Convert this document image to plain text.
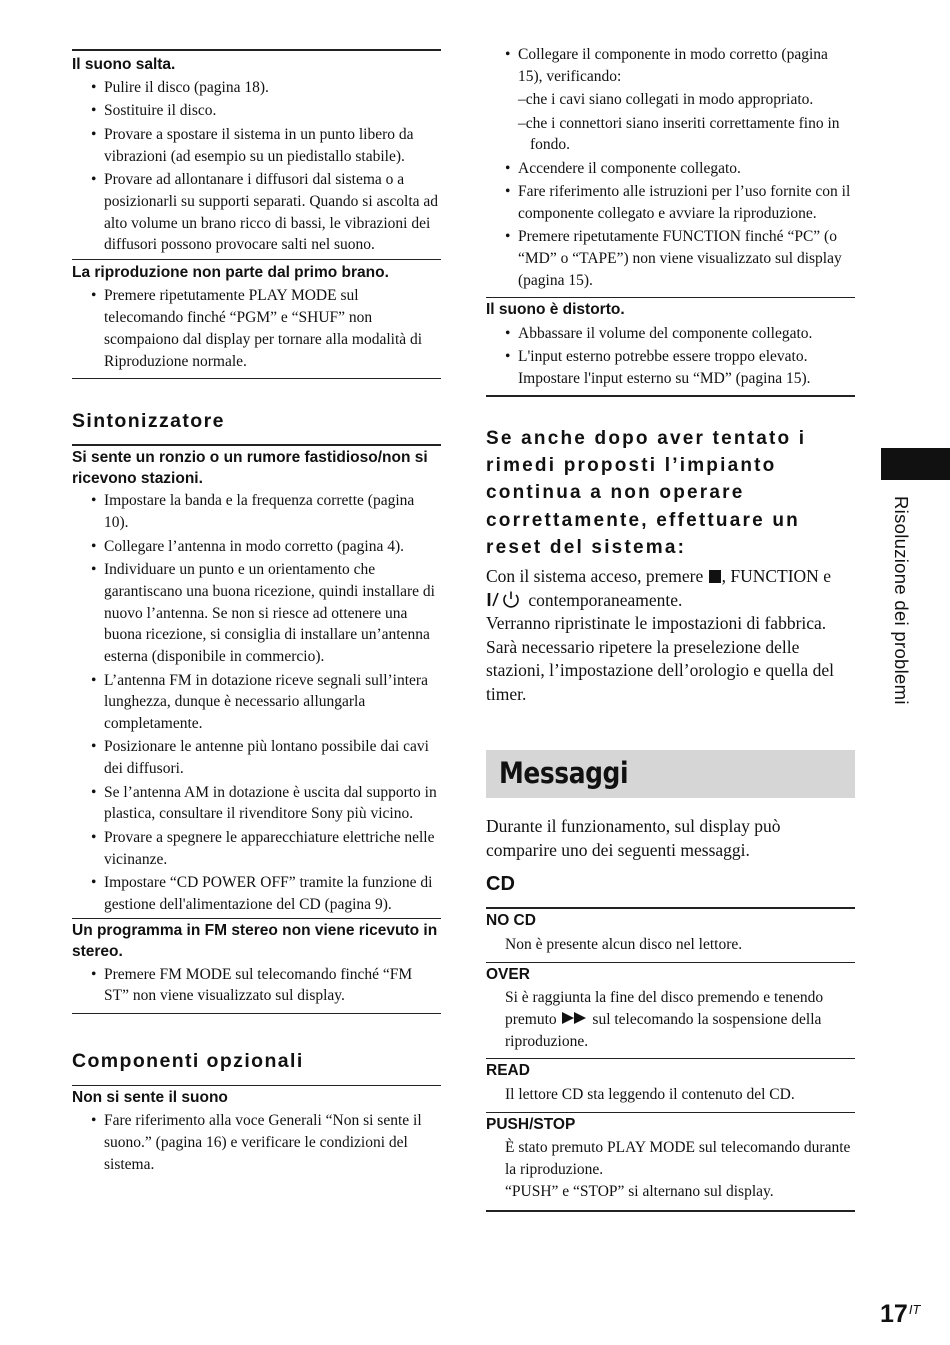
Il suono salta.
• Pulire il disco (pagina 18).
• Sostituire il disco.
• Provare a spostare il sistema in un punto libero da vibrazioni (ad esempio su un piedistallo stabile).
• Provare ad allontanare i diffusori dal sistema o a posizionarli su supporti separati. Quando si ascolta ad alto volume un brano ricco di bassi, le vibrazioni dei diffusori possono provocare salti nel suono.
La riproduzione non parte dal primo brano.
• Premere ripetutamente PLAY MODE sul telecomando finché “PGM” e “SHUF” non scompaiono dal display per tornare alla modalità di Riproduzione normale.
Sintonizzatore
Si sente un ronzio o un rumore fastidioso/non si ricevono stazioni.
• Impostare la banda e la frequenza corrette (pagina 10).
• Collegare l’antenna in modo corretto (pagina 4).
• Individuare un punto e un orientamento che garantiscano una buona ricezione, quindi installare di nuovo l’antenna. Se non si riesce ad ottenere una buona ricezione, si consiglia di installare un’antenna esterna (disponibile in commercio).
• L’antenna FM in dotazione riceve segnali sull’intera lunghezza, dunque è necessario allungarla completamente.
• Posizionare le antenne più lontano possibile dai cavi dei diffusori.
• Se l’antenna AM in dotazione è uscita dal supporto in plastica, consultare il rivenditore Sony più vicino.
• Provare a spegnere le apparecchiature elettriche nelle vicinanze.
• Impostare “CD POWER OFF” tramite la funzione di gestione dell'alimentazione del CD (pagina 9).
Un programma in FM stereo non viene ricevuto in stereo.
• Premere FM MODE sul telecomando finché “FM ST” non viene visualizzato sul display.
Componenti opzionali
Non si sente il suono
• Fare riferimento alla voce Generali “Non si sente il suono.” (pagina 16) e verificare le condizioni del sistema.
• Collegare il componente in modo corretto (pagina 15), verificando:
–che i cavi siano collegati in modo appropriato.
–che i connettori siano inseriti correttamente fino in fondo.
• Accendere il componente collegato.
• Fare riferimento alle istruzioni per l’uso fornite con il componente collegato e avviare la riproduzione.
• Premere ripetutamente FUNCTION finché “PC” (o “MD” o “TAPE”) non viene visualizzato sul display (pagina 15).
Il suono è distorto.
• Abbassare il volume del componente collegato.
• L'input esterno potrebbe essere troppo elevato. Impostare l'input esterno su “MD” (pagina 15).
Se anche dopo aver tentato i rimedi proposti l’impianto continua a non operare correttamente, effettuare un reset del sistema:
Con il sistema acceso, premere , FUNCTION e  contemporaneamente.
Verranno ripristinate le impostazioni di fabbrica. Sarà necessario ripetere la preselezione delle stazioni, l’impostazione dell’orologio e quella del timer.
Messaggi
Durante il funzionamento, sul display può comparire uno dei seguenti messaggi.
CD
NO CD
Non è presente alcun disco nel lettore.
OVER
Si è raggiunta la fine del disco premendo e tenendo premuto sul telecomando la sospensione della riproduzione.
READ
Il lettore CD sta leggendo il contenuto del CD.
PUSH/STOP
È stato premuto PLAY MODE sul telecomando durante la riproduzione.
“PUSH” e “STOP” si alternano sul display.
Risoluzione dei problemi
$17^{IT}$
